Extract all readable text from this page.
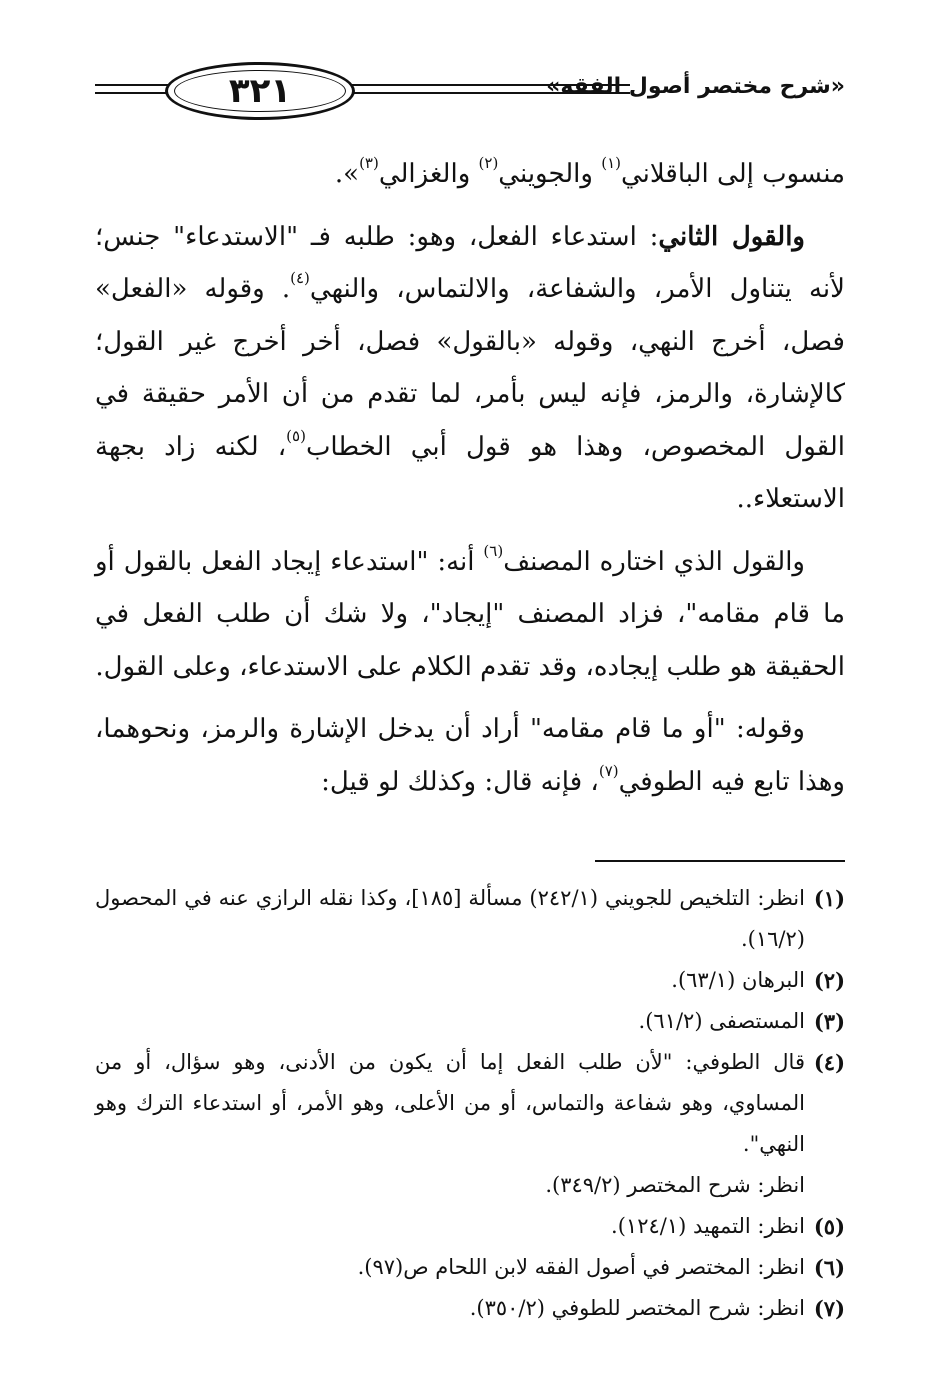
٣٢١	«شرح مختصر أصول الفقه»

منسوب إلى الباقلاني$^{(١)}$ والجويني$^{(٢)}$ والغزالي$^{(٣)}$».

والقول الثاني: استدعاء الفعل، وهو: طلبه فـ "الاستدعاء" جنس؛ لأنه يتناول الأمر، والشفاعة، والالتماس، والنهي$^{(٤)}$. وقوله «الفعل» فصل، أخرج النهي، وقوله «بالقول» فصل، أخر أخرج غير القول؛ كالإشارة، والرمز، فإنه ليس بأمر، لما تقدم من أن الأمر حقيقة في القول المخصوص، وهذا هو قول أبي الخطاب$^{(٥)}$، لكنه زاد بجهة الاستعلاء..

والقول الذي اختاره المصنف$^{(٦)}$ أنه: "استدعاء إيجاد الفعل بالقول أو ما قام مقامه"، فزاد المصنف "إيجاد"، ولا شك أن طلب الفعل في الحقيقة هو طلب إيجاده، وقد تقدم الكلام على الاستدعاء، وعلى القول.

وقوله: "أو ما قام مقامه" أراد أن يدخل الإشارة والرمز، ونحوهما، وهذا تابع فيه الطوفي$^{(٧)}$، فإنه قال: وكذلك لو قيل:

(١)
انظر: التلخيص للجويني (٢٤٢/١) مسألة [١٨٥]، وكذا نقله الرازي عنه في المحصول (١٦/٢).
(٢)
البرهان (٦٣/١).
(٣)
المستصفى (٦١/٢).
(٤)
قال الطوفي: "لأن طلب الفعل إما أن يكون من الأدنى، وهو سؤال، أو من المساوي، وهو شفاعة والتماس، أو من الأعلى، وهو الأمر، أو استدعاء الترك وهو النهي".
انظر: شرح المختصر (٣٤٩/٢).
(٥)
انظر: التمهيد (١٢٤/١).
(٦)
انظر: المختصر في أصول الفقه لابن اللحام ص(٩٧).
(٧)
انظر: شرح المختصر للطوفي (٣٥٠/٢).
